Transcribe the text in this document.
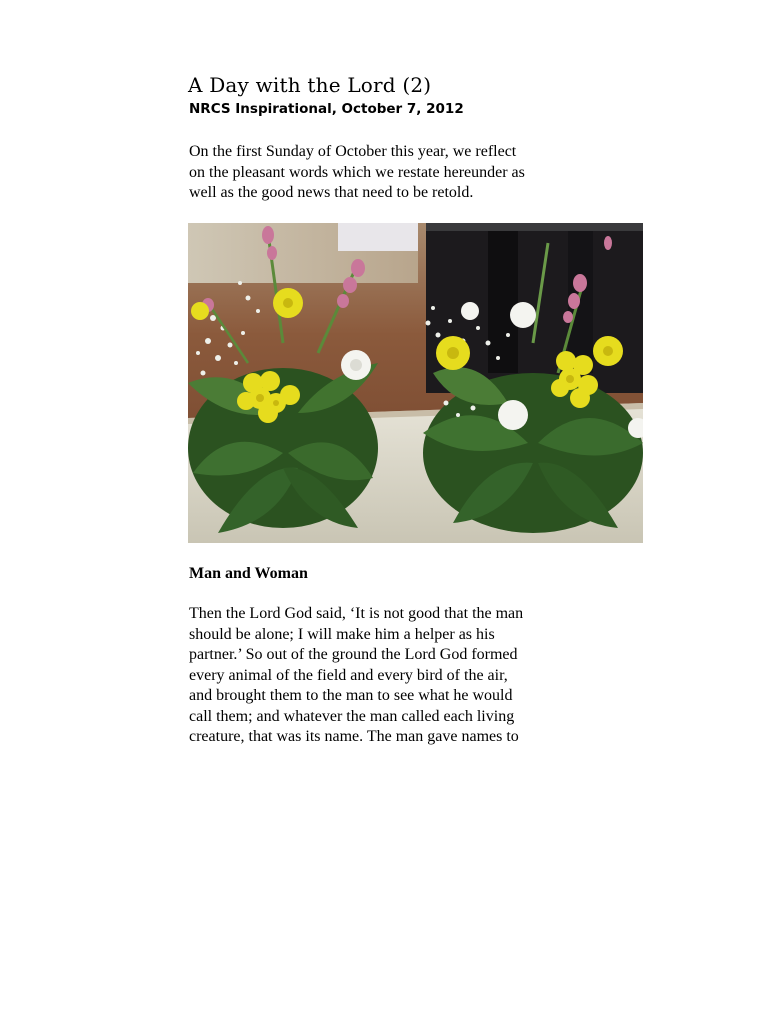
A Day with the Lord (2)
NRCS Inspirational, October 7, 2012

On the first Sunday of October this year, we reflect
on the pleasant words which we restate hereunder as
well as the good news that need to be retold.

Man and Woman

Then the Lord God said, ‘It is not good that the man
should be alone; I will make him a helper as his
partner.’ So out of the ground the Lord God formed
every animal of the field and every bird of the air,
and brought them to the man to see what he would
call them; and whatever the man called each living
creature, that was its name. The man gave names to
